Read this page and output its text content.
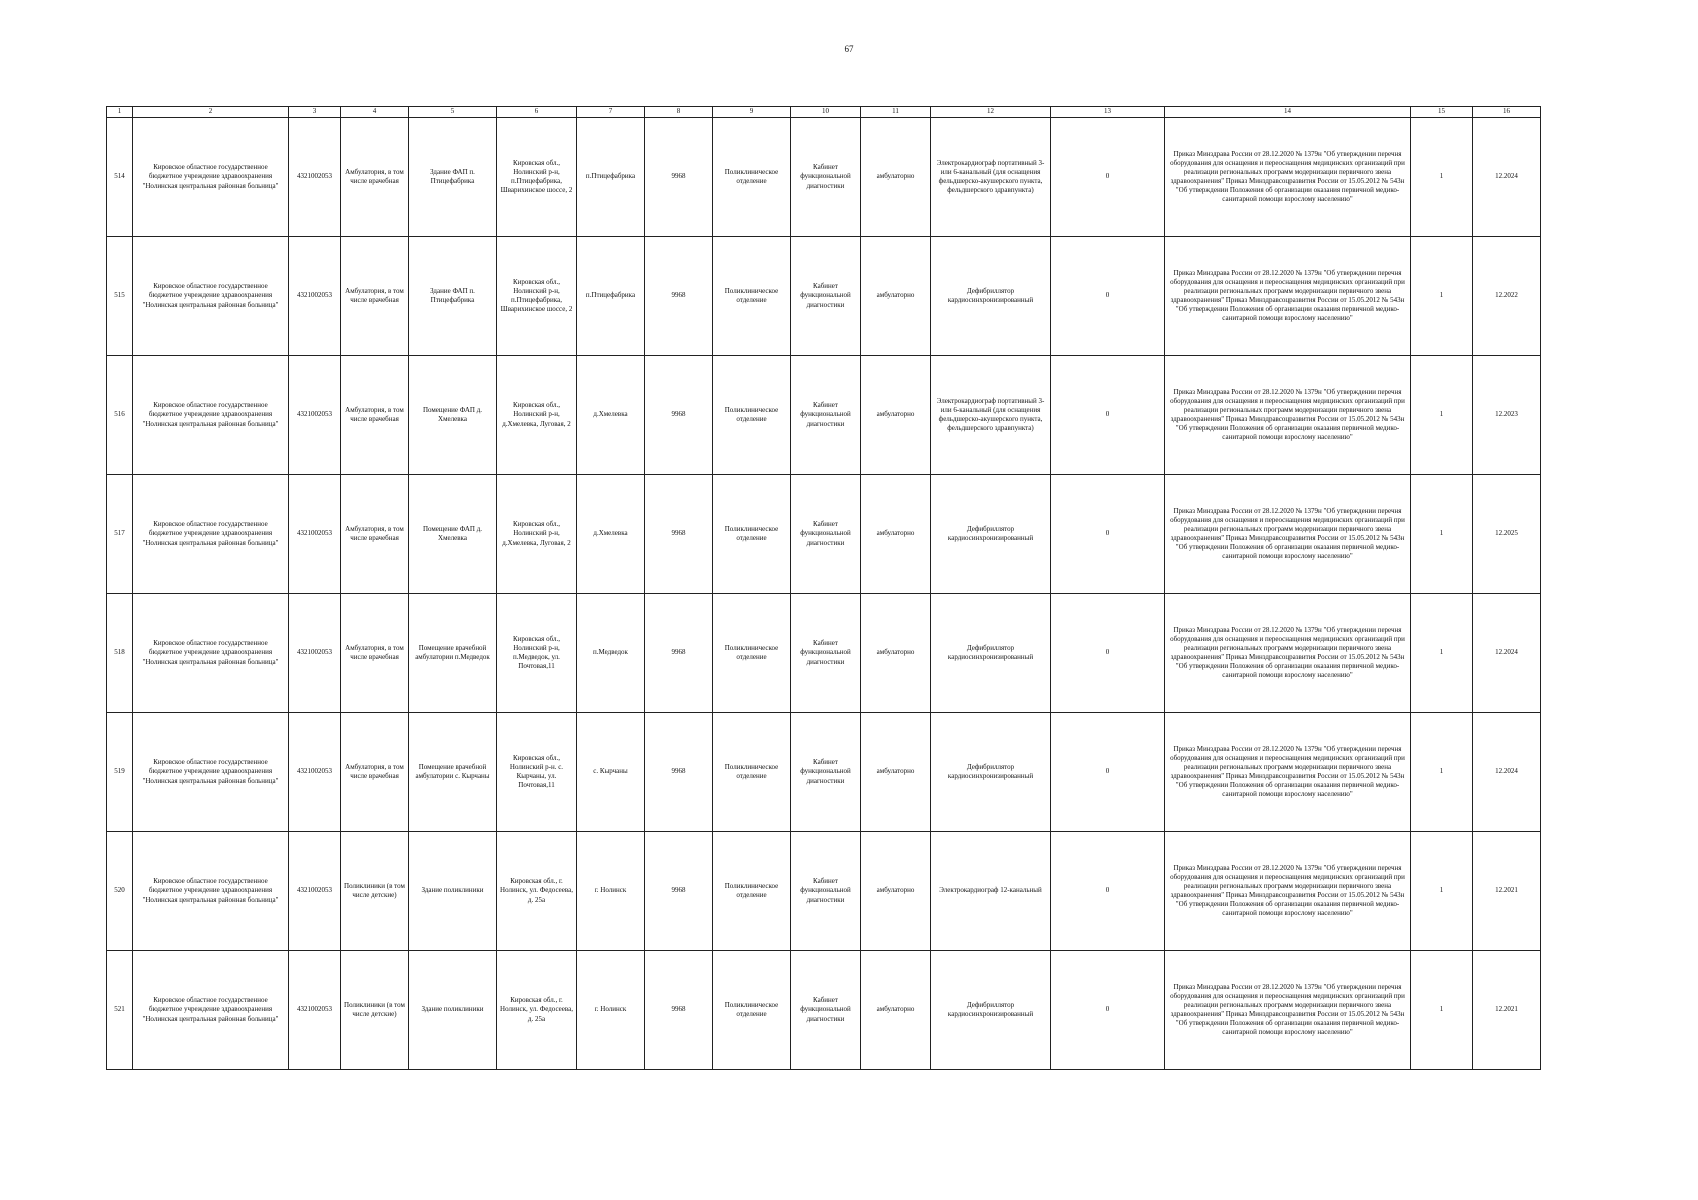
67
1	2	3	4	5	6	7	8	9	10	11	12	13	14	15	16
514	Кировское областное государственное бюджетное учреждение здравоохранения "Нолинская центральная районная больница"	4321002053	Амбулатория, в том числе врачебная	Здание ФАП п. Птицефабрика	Кировская обл., Нолинский р-н, п.Птицефабрика, Шварихинское шоссе, 2	п.Птицефабрика	9968	Поликлиническое отделение	Кабинет функциональной диагностики	амбулаторно	Электрокардиограф портативный 3- или 6-канальный (для оснащения фельдшерско-акушерского пункта, фельдшерского здравпункта)	0	Приказ Минздрава России от 28.12.2020 № 1379н "Об утверждении перечня оборудования для оснащения и переоснащения медицинских организаций при реализации региональных программ модернизации первичного звена здравоохранения" Приказ Минздравсоцразвития России от 15.05.2012 № 543н "Об утверждении Положения об организации оказания первичной медико-санитарной помощи взрослому населению"	1	12.2024
515	Кировское областное государственное бюджетное учреждение здравоохранения "Нолинская центральная районная больница"	4321002053	Амбулатория, в том числе врачебная	Здание ФАП п. Птицефабрика	Кировская обл., Нолинский р-н, п.Птицефабрика, Шварихинское шоссе, 2	п.Птицефабрика	9968	Поликлиническое отделение	Кабинет функциональной диагностики	амбулаторно	Дефибриллятор кардиосинхронизированный	0	Приказ Минздрава России от 28.12.2020 № 1379н "Об утверждении перечня оборудования для оснащения и переоснащения медицинских организаций при реализации региональных программ модернизации первичного звена здравоохранения" Приказ Минздравсоцразвития России от 15.05.2012 № 543н "Об утверждении Положения об организации оказания первичной медико-санитарной помощи взрослому населению"	1	12.2022
516	Кировское областное государственное бюджетное учреждение здравоохранения "Нолинская центральная районная больница"	4321002053	Амбулатория, в том числе врачебная	Помещение ФАП д. Хмелевка	Кировская обл., Нолинский р-н, д.Хмелевка, Луговая, 2	д.Хмелевка	9968	Поликлиническое отделение	Кабинет функциональной диагностики	амбулаторно	Электрокардиограф портативный 3- или 6-канальный (для оснащения фельдшерско-акушерского пункта, фельдшерского здравпункта)	0	Приказ Минздрава России от 28.12.2020 № 1379н "Об утверждении перечня оборудования для оснащения и переоснащения медицинских организаций при реализации региональных программ модернизации первичного звена здравоохранения" Приказ Минздравсоцразвития России от 15.05.2012 № 543н "Об утверждении Положения об организации оказания первичной медико-санитарной помощи взрослому населению"	1	12.2023
517	Кировское областное государственное бюджетное учреждение здравоохранения "Нолинская центральная районная больница"	4321002053	Амбулатория, в том числе врачебная	Помещение ФАП д. Хмелевка	Кировская обл., Нолинский р-н, д.Хмелевка, Луговая, 2	д.Хмелевка	9968	Поликлиническое отделение	Кабинет функциональной диагностики	амбулаторно	Дефибриллятор кардиосинхронизированный	0	Приказ Минздрава России от 28.12.2020 № 1379н "Об утверждении перечня оборудования для оснащения и переоснащения медицинских организаций при реализации региональных программ модернизации первичного звена здравоохранения" Приказ Минздравсоцразвития России от 15.05.2012 № 543н "Об утверждении Положения об организации оказания первичной медико-санитарной помощи взрослому населению"	1	12.2025
518	Кировское областное государственное бюджетное учреждение здравоохранения "Нолинская центральная районная больница"	4321002053	Амбулатория, в том числе врачебная	Помещение врачебной амбулатории п.Медведок	Кировская обл., Нолинский р-н, п.Медведок, ул. Почтовая,11	п.Медведок	9968	Поликлиническое отделение	Кабинет функциональной диагностики	амбулаторно	Дефибриллятор кардиосинхронизированный	0	Приказ Минздрава России от 28.12.2020 № 1379н "Об утверждении перечня оборудования для оснащения и переоснащения медицинских организаций при реализации региональных программ модернизации первичного звена здравоохранения" Приказ Минздравсоцразвития России от 15.05.2012 № 543н "Об утверждении Положения об организации оказания первичной медико-санитарной помощи взрослому населению"	1	12.2024
519	Кировское областное государственное бюджетное учреждение здравоохранения "Нолинская центральная районная больница"	4321002053	Амбулатория, в том числе врачебная	Помещение врачебной амбулатории с. Кырчаны	Кировская обл., Нолинский р-н. с. Кырчаны, ул. Почтовая,11	с. Кырчаны	9968	Поликлиническое отделение	Кабинет функциональной диагностики	амбулаторно	Дефибриллятор кардиосинхронизированный	0	Приказ Минздрава России от 28.12.2020 № 1379н "Об утверждении перечня оборудования для оснащения и переоснащения медицинских организаций при реализации региональных программ модернизации первичного звена здравоохранения" Приказ Минздравсоцразвития России от 15.05.2012 № 543н "Об утверждении Положения об организации оказания первичной медико-санитарной помощи взрослому населению"	1	12.2024
520	Кировское областное государственное бюджетное учреждение здравоохранения "Нолинская центральная районная больница"	4321002053	Поликлиники (в том числе детские)	Здание поликлиники	Кировская обл., г. Нолинск, ул. Федосеева, д. 25а	г. Нолинск	9968	Поликлиническое отделение	Кабинет функциональной диагностики	амбулаторно	Электрокардиограф 12-канальный	0	Приказ Минздрава России от 28.12.2020 № 1379н "Об утверждении перечня оборудования для оснащения и переоснащения медицинских организаций при реализации региональных программ модернизации первичного звена здравоохранения" Приказ Минздравсоцразвития России от 15.05.2012 № 543н "Об утверждении Положения об организации оказания первичной медико-санитарной помощи взрослому населению"	1	12.2021
521	Кировское областное государственное бюджетное учреждение здравоохранения "Нолинская центральная районная больница"	4321002053	Поликлиники (в том числе детские)	Здание поликлиники	Кировская обл., г. Нолинск, ул. Федосеева, д. 25а	г. Нолинск	9968	Поликлиническое отделение	Кабинет функциональной диагностики	амбулаторно	Дефибриллятор кардиосинхронизированный	0	Приказ Минздрава России от 28.12.2020 № 1379н "Об утверждении перечня оборудования для оснащения и переоснащения медицинских организаций при реализации региональных программ модернизации первичного звена здравоохранения" Приказ Минздравсоцразвития России от 15.05.2012 № 543н "Об утверждении Положения об организации оказания первичной медико-санитарной помощи взрослому населению"	1	12.2021
